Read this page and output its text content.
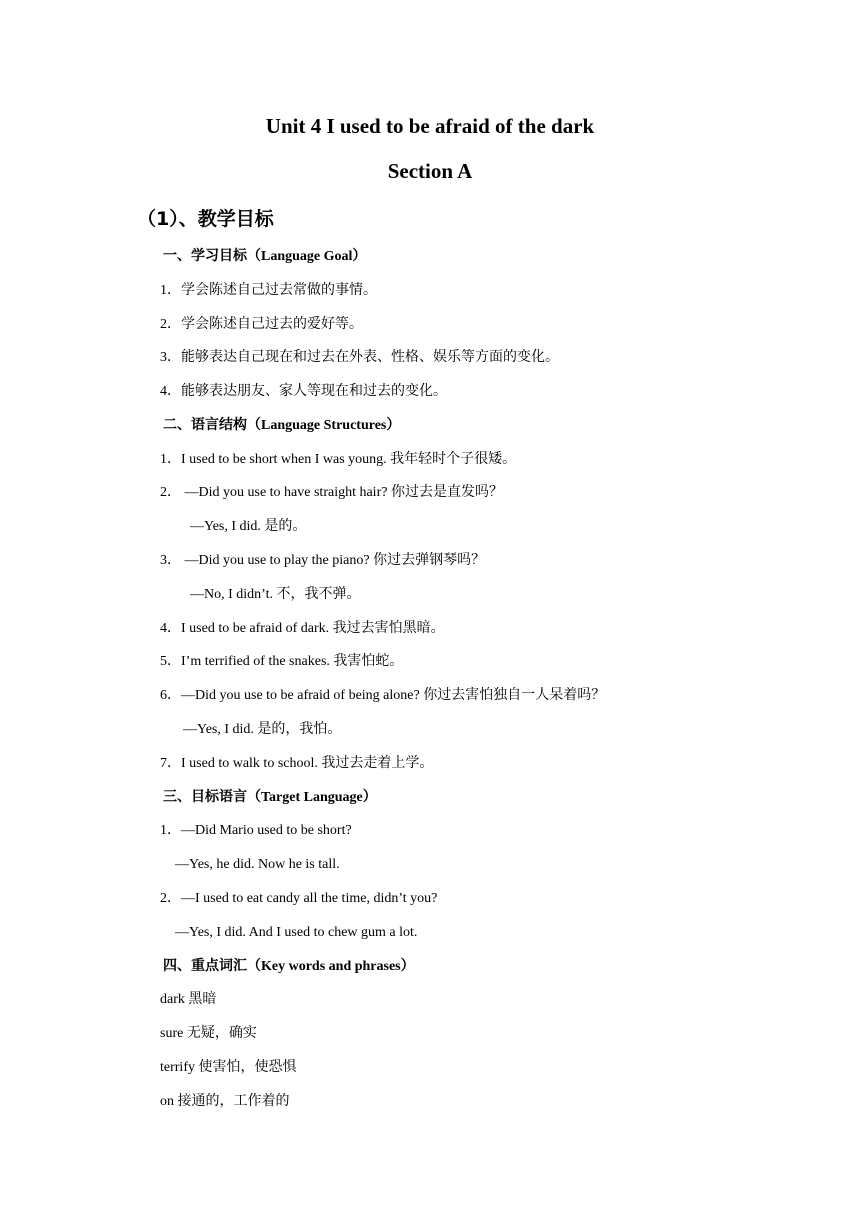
Unit 4 I used to be afraid of the dark
Section A
（1）、教学目标
一、学习目标（Language Goal）
1．学会陈述自己过去常做的事情。
2．学会陈述自己过去的爱好等。
3．能够表达自己现在和过去在外表、性格、娱乐等方面的变化。
4．能够表达朋友、家人等现在和过去的变化。
二、语言结构（Language Structures）
1．I used to be short when I was young. 我年轻时个子很矮。
2． —Did you use to have straight hair? 你过去是直发吗？
—Yes, I did. 是的。
3． —Did you use to play the piano? 你过去弹钢琴吗？
—No, I didn’t. 不，我不弹。
4．I used to be afraid of dark. 我过去害怕黑暗。
5．I’m terrified of the snakes. 我害怕蛇。
6．—Did you use to be afraid of being alone? 你过去害怕独自一人呆着吗？
—Yes, I did. 是的，我怕。
7．I used to walk to school. 我过去走着上学。
三、目标语言（Target Language）
1．—Did Mario used to be short?
—Yes, he did. Now he is tall.
2．—I used to eat candy all the time, didn’t you?
—Yes, I did. And I used to chew gum a lot.
四、重点词汇（Key words and phrases）
dark 黑暗
sure 无疑，确实
terrify 使害怕，使恐惧
on 接通的，工作着的
